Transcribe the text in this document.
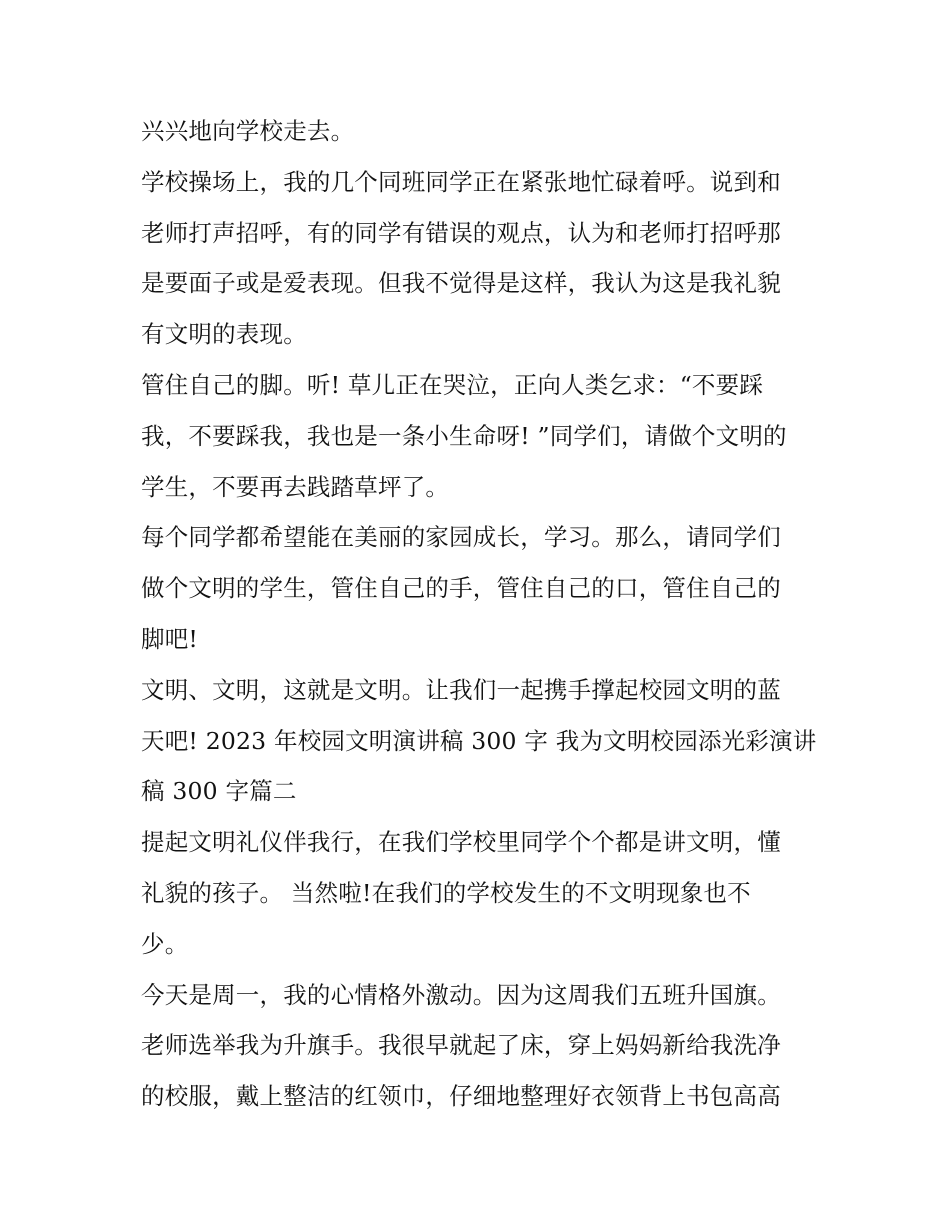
兴兴地向学校走去。
学校操场上，我的几个同班同学正在紧张地忙碌着呼。说到和
老师打声招呼，有的同学有错误的观点，认为和老师打招呼那
是要面子或是爱表现。但我不觉得是这样，我认为这是我礼貌
有文明的表现。
管住自己的脚。听! 草儿正在哭泣，正向人类乞求：“不要踩
我，不要踩我，我也是一条小生命呀! ”同学们，请做个文明的
学生，不要再去践踏草坪了。
每个同学都希望能在美丽的家园成长，学习。那么，请同学们
做个文明的学生，管住自己的手，管住自己的口，管住自己的
脚吧!
文明、文明，这就是文明。让我们一起携手撑起校园文明的蓝
天吧! 2023 年校园文明演讲稿 300 字 我为文明校园添光彩演讲
稿 300 字篇二
提起文明礼仪伴我行，在我们学校里同学个个都是讲文明，懂
礼貌的孩子。 当然啦!在我们的学校发生的不文明现象也不
少。
今天是周一，我的心情格外激动。因为这周我们五班升国旗。
老师选举我为升旗手。我很早就起了床，穿上妈妈新给我洗净
的校服，戴上整洁的红领巾，仔细地整理好衣领背上书包高高
